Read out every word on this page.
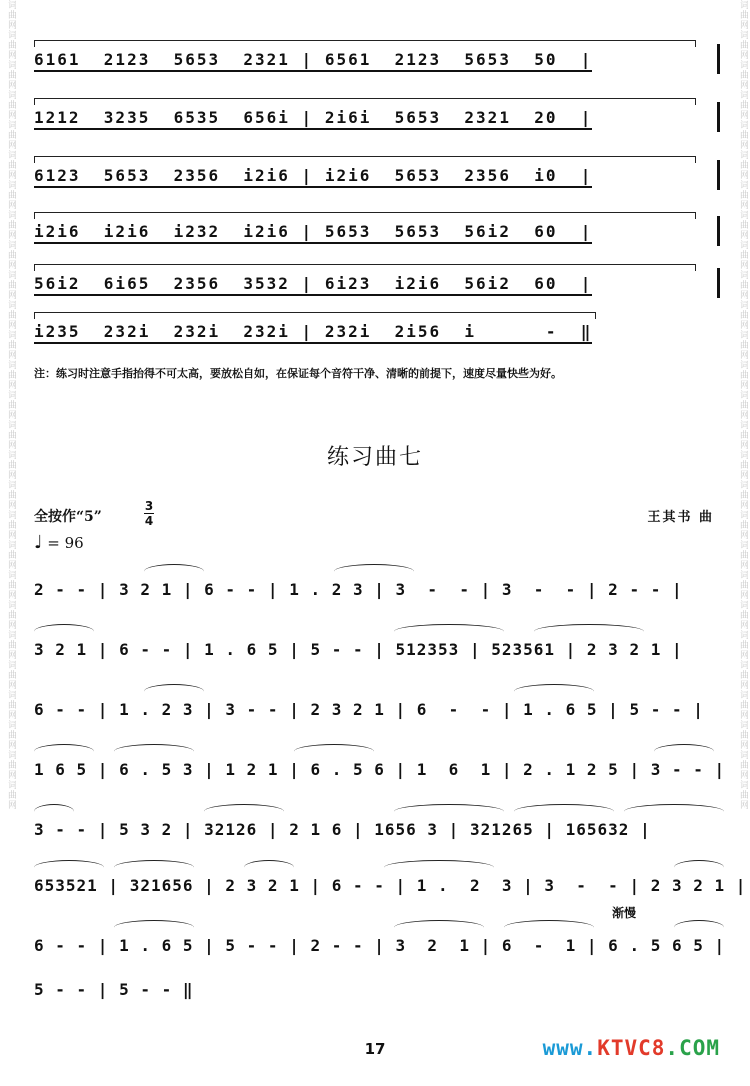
词曲网词曲网词曲网词曲网词曲网词曲网词曲网词曲网词曲网词曲网词曲网词曲网词曲网词曲网词曲网词曲网词曲网词曲网词曲网词曲网词曲网词曲网词曲网词曲网词曲网词曲网词曲网	词曲网词曲网词曲网词曲网词曲网词曲网词曲网词曲网词曲网词曲网词曲网词曲网词曲网词曲网词曲网词曲网词曲网词曲网词曲网词曲网词曲网词曲网词曲网词曲网词曲网词曲网词曲网

6161  2123  5653  2321 | 6561  2123  5653  50  |

1212  3235  6535  656i | 2i6i  5653  2321  20  |

6123  5653  2356  i2i6 | i2i6  5653  2356  i0  |

i2i6  i2i6  i232  i2i6 | 5653  5653  56i2  60  |

56i2  6i65  2356  3532 | 6i23  i2i6  56i2  60  |

i235  232i  232i  232i | 232i  2i56  i      -  ‖

注：练习时注意手指抬得不可太高，要放松自如，在保证每个音符干净、清晰的前提下，速度尽量快些为好。
练习曲七
全按作“5”
3
4	王其书 曲
♩ = 96

2 - - | 3 2 1 | 6 - - | 1 . 2 3 | 3  -  - | 3  -  - | 2 - - |

3 2 1 | 6 - - | 1 . 6 5 | 5 - - | 512353 | 523561 | 2 3 2 1 |

6 - - | 1 . 2 3 | 3 - - | 2 3 2 1 | 6  -  - | 1 . 6 5 | 5 - - |

1 6 5 | 6 . 5 3 | 1 2 1 | 6 . 5 6 | 1  6  1 | 2 . 1 2 5 | 3 - - |

3 - - | 5 3 2 | 32126 | 2 1 6 | 1656 3 | 321265 | 165632 |

653521 | 321656 | 2 3 2 1 | 6 - - | 1 .  2  3 | 3  -  - | 2 3 2 1 |

渐慢

6 - - | 1 . 6 5 | 5 - - | 2 - - | 3  2  1 | 6  -  1 | 6 . 5 6 5 |

5 - - | 5 - - ‖

17	www.KTVC8.COM
